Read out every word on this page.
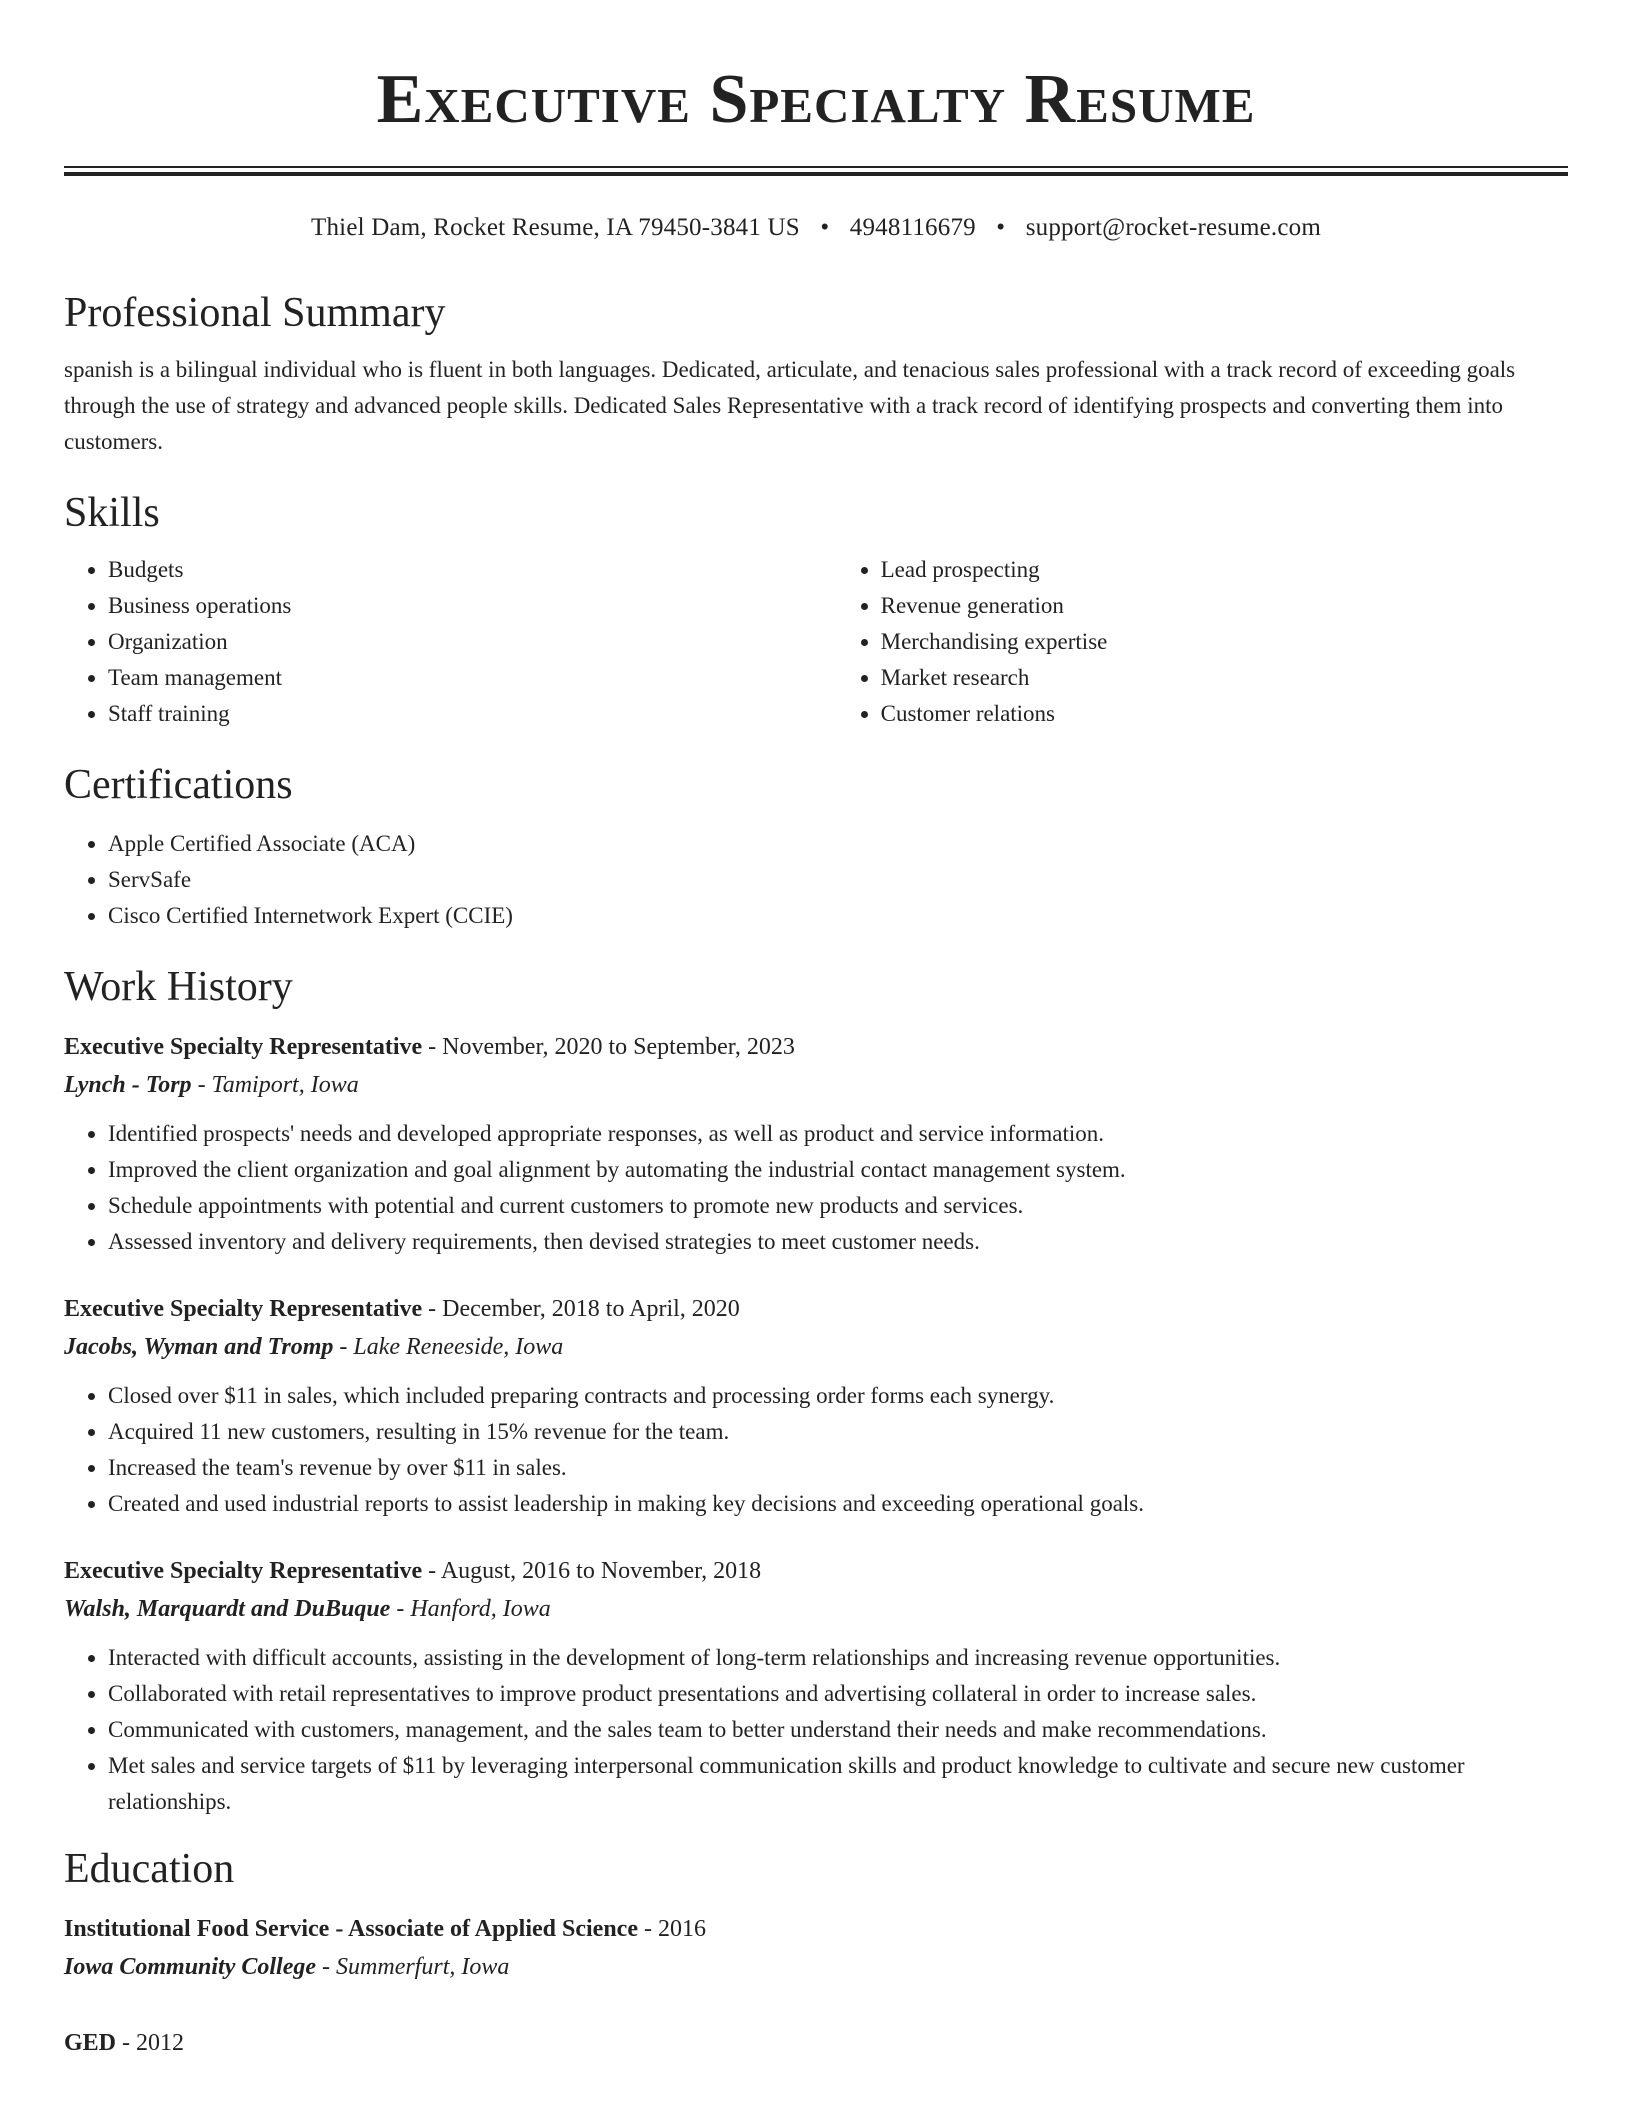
Executive Specialty Resume
Thiel Dam, Rocket Resume, IA 79450-3841 US • 4948116679 • support@rocket-resume.com
Professional Summary

spanish is a bilingual individual who is fluent in both languages. Dedicated, articulate, and tenacious sales professional with a track record of exceeding goals through the use of strategy and advanced people skills. Dedicated Sales Representative with a track record of identifying prospects and converting them into customers.

Skills
• Budgets
• Business operations
• Organization
• Team management
• Staff training
• Lead prospecting
• Revenue generation
• Merchandising expertise
• Market research
• Customer relations
Certifications
• Apple Certified Associate (ACA)
• ServSafe
• Cisco Certified Internetwork Expert (CCIE)
Work History
Executive Specialty Representative - November, 2020 to September, 2023
Lynch - Torp - Tamiport, Iowa
• Identified prospects' needs and developed appropriate responses, as well as product and service information.
• Improved the client organization and goal alignment by automating the industrial contact management system.
• Schedule appointments with potential and current customers to promote new products and services.
• Assessed inventory and delivery requirements, then devised strategies to meet customer needs.
Executive Specialty Representative - December, 2018 to April, 2020
Jacobs, Wyman and Tromp - Lake Reneeside, Iowa
• Closed over $11 in sales, which included preparing contracts and processing order forms each synergy.
• Acquired 11 new customers, resulting in 15% revenue for the team.
• Increased the team's revenue by over $11 in sales.
• Created and used industrial reports to assist leadership in making key decisions and exceeding operational goals.
Executive Specialty Representative - August, 2016 to November, 2018
Walsh, Marquardt and DuBuque - Hanford, Iowa
• Interacted with difficult accounts, assisting in the development of long-term relationships and increasing revenue opportunities.
• Collaborated with retail representatives to improve product presentations and advertising collateral in order to increase sales.
• Communicated with customers, management, and the sales team to better understand their needs and make recommendations.
• Met sales and service targets of $11 by leveraging interpersonal communication skills and product knowledge to cultivate and secure new customer relationships.
Education
Institutional Food Service - Associate of Applied Science - 2016
Iowa Community College - Summerfurt, Iowa
GED - 2012
